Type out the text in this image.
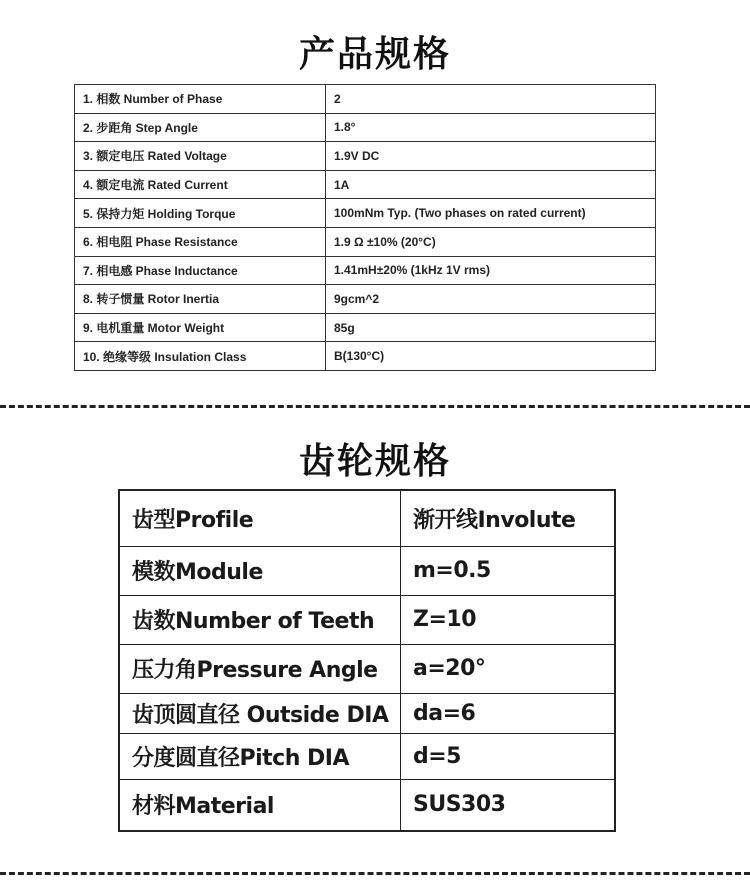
产品规格
1. 相数 Number of Phase	2
2. 步距角 Step Angle	1.8°
3. 额定电压 Rated Voltage	1.9V DC
4. 额定电流 Rated Current	1A
5. 保持力矩 Holding Torque	100mNm Typ. (Two phases on rated current)
6. 相电阻 Phase Resistance	1.9 Ω ±10% (20°C)
7. 相电感 Phase Inductance	1.41mH±20% (1kHz 1V rms)
8. 转子惯量 Rotor Inertia	9gcm^2
9. 电机重量 Motor Weight	85g
10. 绝缘等级 Insulation Class	B(130°C)
齿轮规格
齿型Profile	渐开线Involute
模数Module	m=0.5
齿数Number of Teeth	Z=10
压力角Pressure Angle	a=20°
齿顶圆直径 Outside DIA	da=6
分度圆直径Pitch DIA	d=5
材料Material	SUS303
